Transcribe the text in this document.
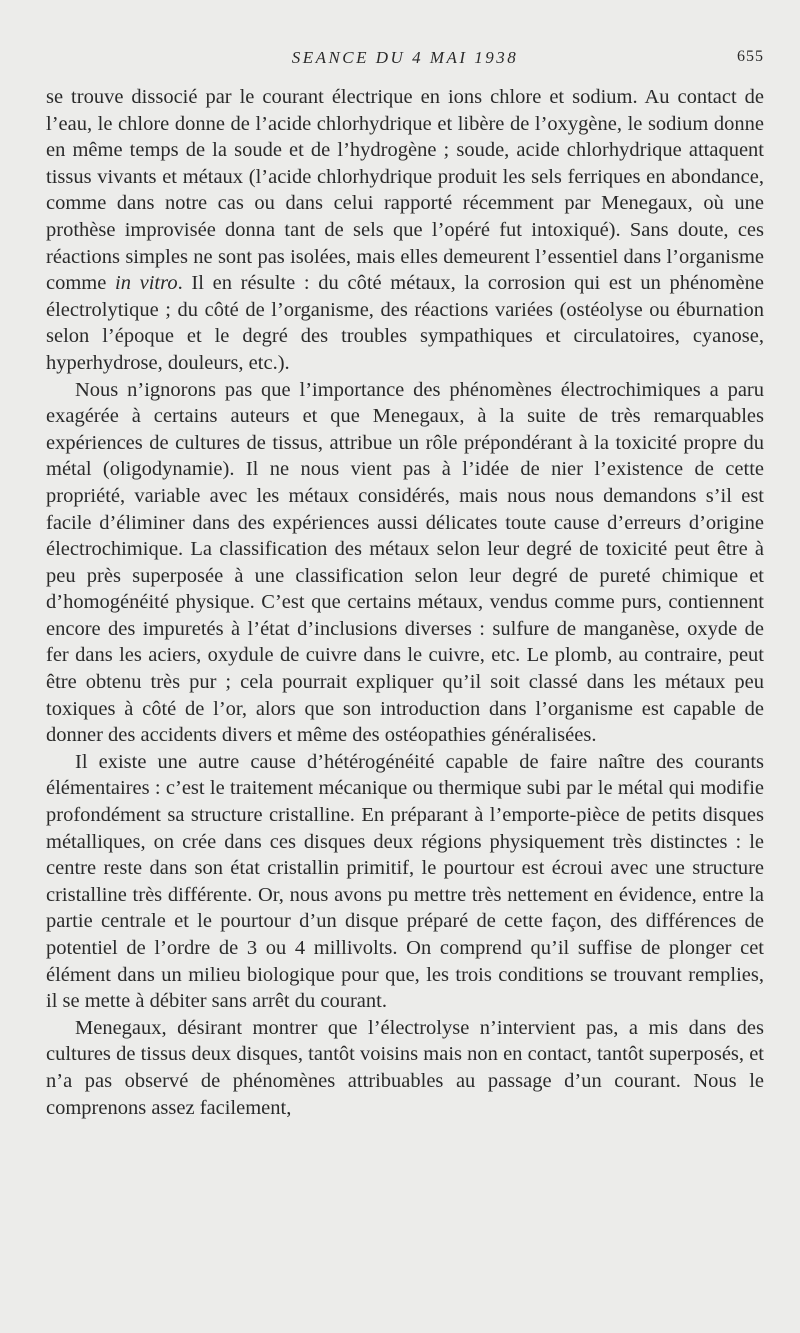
SEANCE DU 4 MAI 1938	655

se trouve dissocié par le courant électrique en ions chlore et sodium. Au contact de l’eau, le chlore donne de l’acide chlorhydrique et libère de l’oxygène, le sodium donne en même temps de la soude et de l’hydrogène ; soude, acide chlorhydrique attaquent tissus vivants et métaux (l’acide chlorhydrique produit les sels ferriques en abondance, comme dans notre cas ou dans celui rapporté récemment par Menegaux, où une prothèse improvisée donna tant de sels que l’opéré fut intoxiqué). Sans doute, ces réactions simples ne sont pas isolées, mais elles demeurent l’essentiel dans l’organisme comme in vitro. Il en résulte : du côté métaux, la corrosion qui est un phénomène électrolytique ; du côté de l’organisme, des réactions variées (ostéolyse ou éburnation selon l’époque et le degré des troubles sympathiques et circulatoires, cyanose, hyperhydrose, douleurs, etc.).

Nous n’ignorons pas que l’importance des phénomènes électrochimiques a paru exagérée à certains auteurs et que Menegaux, à la suite de très remarquables expériences de cultures de tissus, attribue un rôle prépondérant à la toxicité propre du métal (oligodynamie). Il ne nous vient pas à l’idée de nier l’existence de cette propriété, variable avec les métaux considérés, mais nous nous demandons s’il est facile d’éliminer dans des expériences aussi délicates toute cause d’erreurs d’origine électrochimique. La classification des métaux selon leur degré de toxicité peut être à peu près superposée à une classification selon leur degré de pureté chimique et d’homogénéité physique. C’est que certains métaux, vendus comme purs, contiennent encore des impuretés à l’état d’inclusions diverses : sulfure de manganèse, oxyde de fer dans les aciers, oxydule de cuivre dans le cuivre, etc. Le plomb, au contraire, peut être obtenu très pur ; cela pourrait expliquer qu’il soit classé dans les métaux peu toxiques à côté de l’or, alors que son introduction dans l’organisme est capable de donner des accidents divers et même des ostéopathies généralisées.

Il existe une autre cause d’hétérogénéité capable de faire naître des courants élémentaires : c’est le traitement mécanique ou thermique subi par le métal qui modifie profondément sa structure cristalline. En préparant à l’emporte-pièce de petits disques métalliques, on crée dans ces disques deux régions physiquement très distinctes : le centre reste dans son état cristallin primitif, le pourtour est écroui avec une structure cristalline très différente. Or, nous avons pu mettre très nettement en évidence, entre la partie centrale et le pourtour d’un disque préparé de cette façon, des différences de potentiel de l’ordre de 3 ou 4 millivolts. On comprend qu’il suffise de plonger cet élément dans un milieu biologique pour que, les trois conditions se trouvant remplies, il se mette à débiter sans arrêt du courant.

Menegaux, désirant montrer que l’électrolyse n’intervient pas, a mis dans des cultures de tissus deux disques, tantôt voisins mais non en contact, tantôt superposés, et n’a pas observé de phénomènes attribuables au passage d’un courant. Nous le comprenons assez facilement,
